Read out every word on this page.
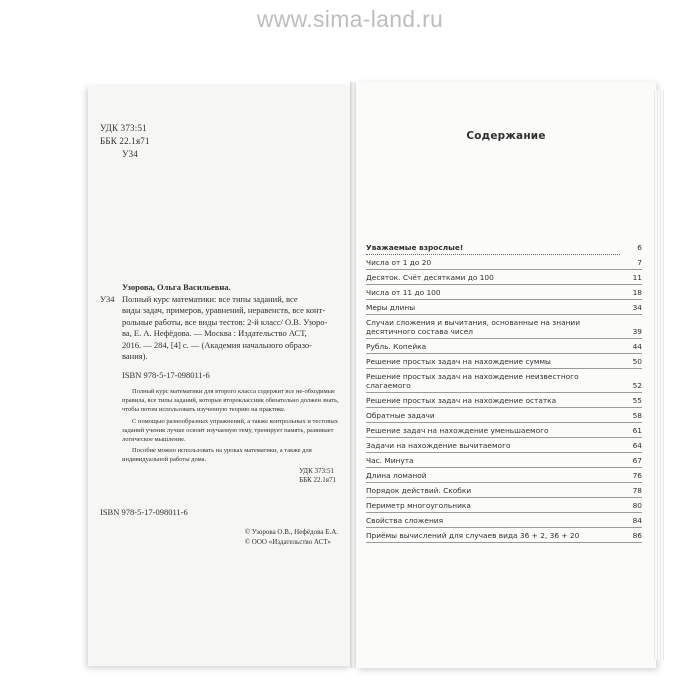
www.sima-land.ru
УДК 373:51
ББК 22.1я71
У34
Узорова, Ольга Васильевна.
У34 Полный курс математики: все типы заданий, все
виды задач, примеров, уравнений, неравенств, все конт-
рольные работы, все виды тестов: 2-й класс/ О.В. Узоро-
ва, Е. А. Нефёдова. — Москва : Издательство АСТ,
2016. — 284, [4] с. — (Академия начального образо-
вания).
ISBN 978-5-17-098011-6

Полный курс математики для второго класса содержит все не-обходимые правила, все типы заданий, которые второклассник обязательно должен знать, чтобы потом использовать изученную теорию на практике.

С помощью разнообразных упражнений, а также контрольных и тестовых заданий ученик лучше освоит изучаемую тему, тренирует память, развивает логическое мышление.

Пособие можно использовать на уроках математики, а также для индивидуальной работы дома.

УДК 373:51
ББК 22.1я71
ISBN 978-5-17-098011-6
© Узорова О.В., Нефёдова Е.А.
© ООО «Издательство АСТ»
Содержание
Уважаемые взрослые!	6
Числа от 1 до 20	7
Десяток. Счёт десятками до 100	11
Числа от 11 до 100	18
Меры длины	34
Случаи сложения и вычитания, основанные на знании десятичного состава чисел	39
Рубль. Копейка	44
Решение простых задач на нахождение суммы	50
Решение простых задач на нахождение неизвестного слагаемого	52
Решение простых задач на нахождение остатка	55
Обратные задачи	58
Решение задач на нахождение уменьшаемого	61
Задачи на нахождение вычитаемого	64
Час. Минута	67
Длина ломаной	76
Порядок действий. Скобки	78
Периметр многоугольника	80
Свойства сложения	84
Приёмы вычислений для случаев вида 36 + 2, 36 + 20	86
